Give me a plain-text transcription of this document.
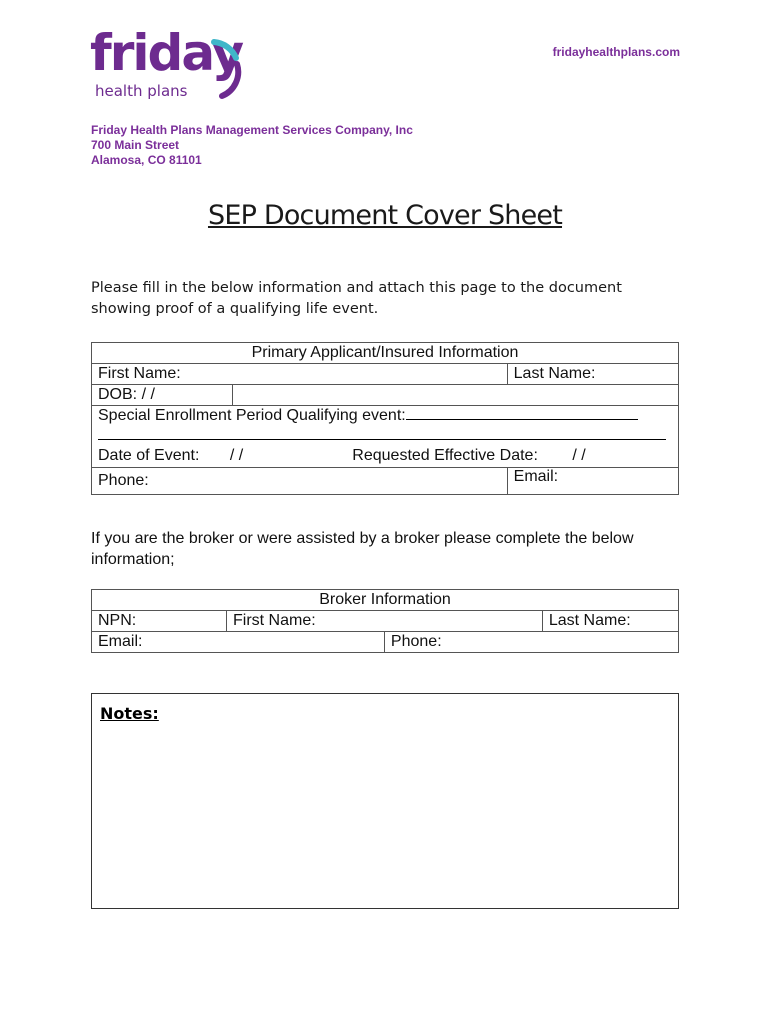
friday
health plans
fridayhealthplans.com
Friday Health Plans Management Services Company, Inc
700 Main Street
Alamosa, CO 81101
SEP Document Cover Sheet
Please fill in the below information and attach this page to the document showing proof of a qualifying life event.
Primary Applicant/Insured Information		
First Name:		Last Name:
DOB: / /		

Special Enrollment Period Qualifying event:
Date of Event: / / Requested Effective Date: / /		

Phone:		Email:
If you are the broker or were assisted by a broker please complete the below information;
Broker Information			
NPN:	First Name:		Last Name:
Email:		Phone:	
Notes:
